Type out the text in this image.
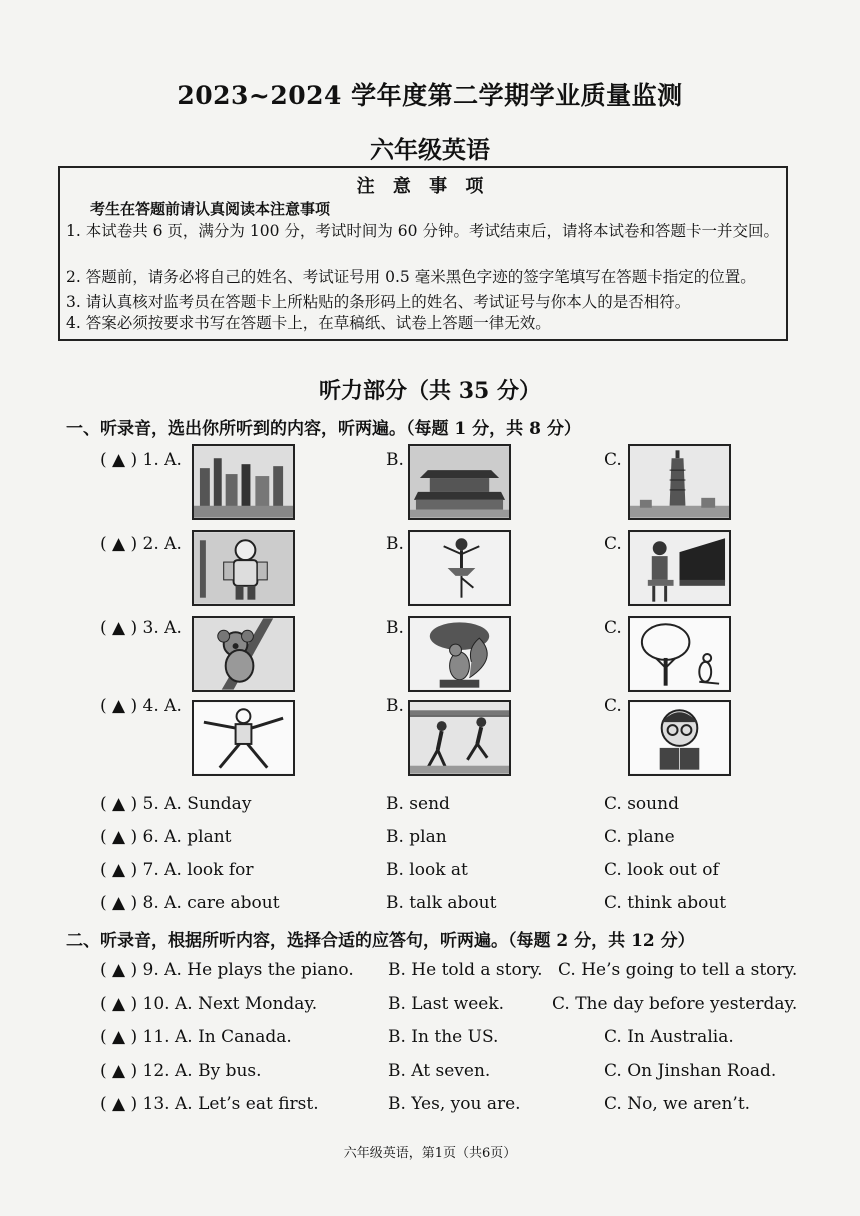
2023~2024 学年度第二学期学业质量监测
六年级英语
注 意 事 项
考生在答题前请认真阅读本注意事项
1. 本试卷共 6 页，满分为 100 分，考试时间为 60 分钟。考试结束后，请将本试卷和答题卡一并交回。
2. 答题前，请务必将自己的姓名、考试证号用 0.5 毫米黑色字迹的签字笔填写在答题卡指定的位置。
3. 请认真核对监考员在答题卡上所粘贴的条形码上的姓名、考试证号与你本人的是否相符。
4. 答案必须按要求书写在答题卡上，在草稿纸、试卷上答题一律无效。
听力部分（共 35 分）
一、听录音，选出你所听到的内容，听两遍。（每题 1 分，共 8 分）
( ▲ ) 1. A.	B.	C.
( ▲ ) 2. A.	B.	C.
( ▲ ) 3. A.	B.	C.
( ▲ ) 4. A.	B.	C.
( ▲ ) 5. A. Sunday	B. send	C. sound
( ▲ ) 6. A. plant	B. plan	C. plane
( ▲ ) 7. A. look for	B. look at	C. look out of
( ▲ ) 8. A. care about	B. talk about	C. think about
二、听录音，根据所听内容，选择合适的应答句，听两遍。（每题 2 分，共 12 分）
( ▲ ) 9. A. He plays the piano. B. He told a story. C. He’s going to tell a story.
( ▲ ) 10. A. Next Monday.	B. Last week.	C. The day before yesterday.
( ▲ ) 11. A. In Canada.	B. In the US.	C. In Australia.
( ▲ ) 12. A. By bus.	B. At seven.	C. On Jinshan Road.
( ▲ ) 13. A. Let’s eat first.	B. Yes, you are.	C. No, we aren’t.
六年级英语，第1页（共6页）
